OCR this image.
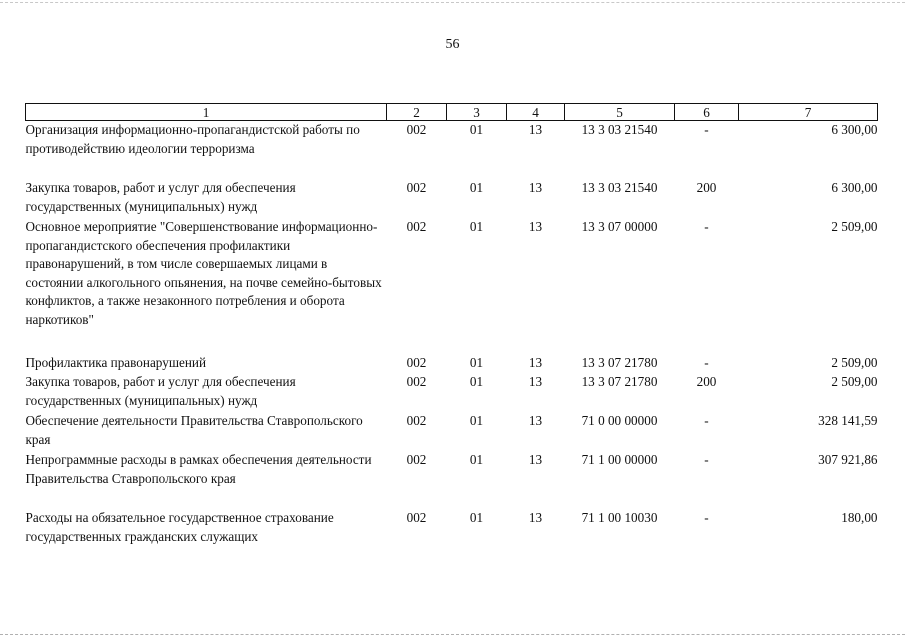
56
1	2	3	4	5	6	7
Организация информационно-пропагандистской работы по противодействию идеологии терроризма	002	01	13	13 3 03 21540	-	6 300,00
Закупка товаров, работ и услуг для обеспечения государственных (муниципальных) нужд	002	01	13	13 3 03 21540	200	6 300,00
Основное мероприятие "Совершенствование информационно-пропагандистского обеспечения профилактики правонарушений, в том числе совершаемых лицами в состоянии алкогольного опьянения, на почве семейно-бытовых конфликтов, а также незаконного потребления и оборота наркотиков"	002	01	13	13 3 07 00000	-	2 509,00
Профилактика правонарушений	002	01	13	13 3 07 21780	-	2 509,00
Закупка товаров, работ и услуг для обеспечения государственных (муниципальных) нужд	002	01	13	13 3 07 21780	200	2 509,00
Обеспечение деятельности Правительства Ставропольского края	002	01	13	71 0 00 00000	-	328 141,59
Непрограммные расходы в рамках обеспечения деятельности Правительства Ставропольского края	002	01	13	71 1 00 00000	-	307 921,86
Расходы на обязательное государственное страхование государственных гражданских служащих	002	01	13	71 1 00 10030	-	180,00
